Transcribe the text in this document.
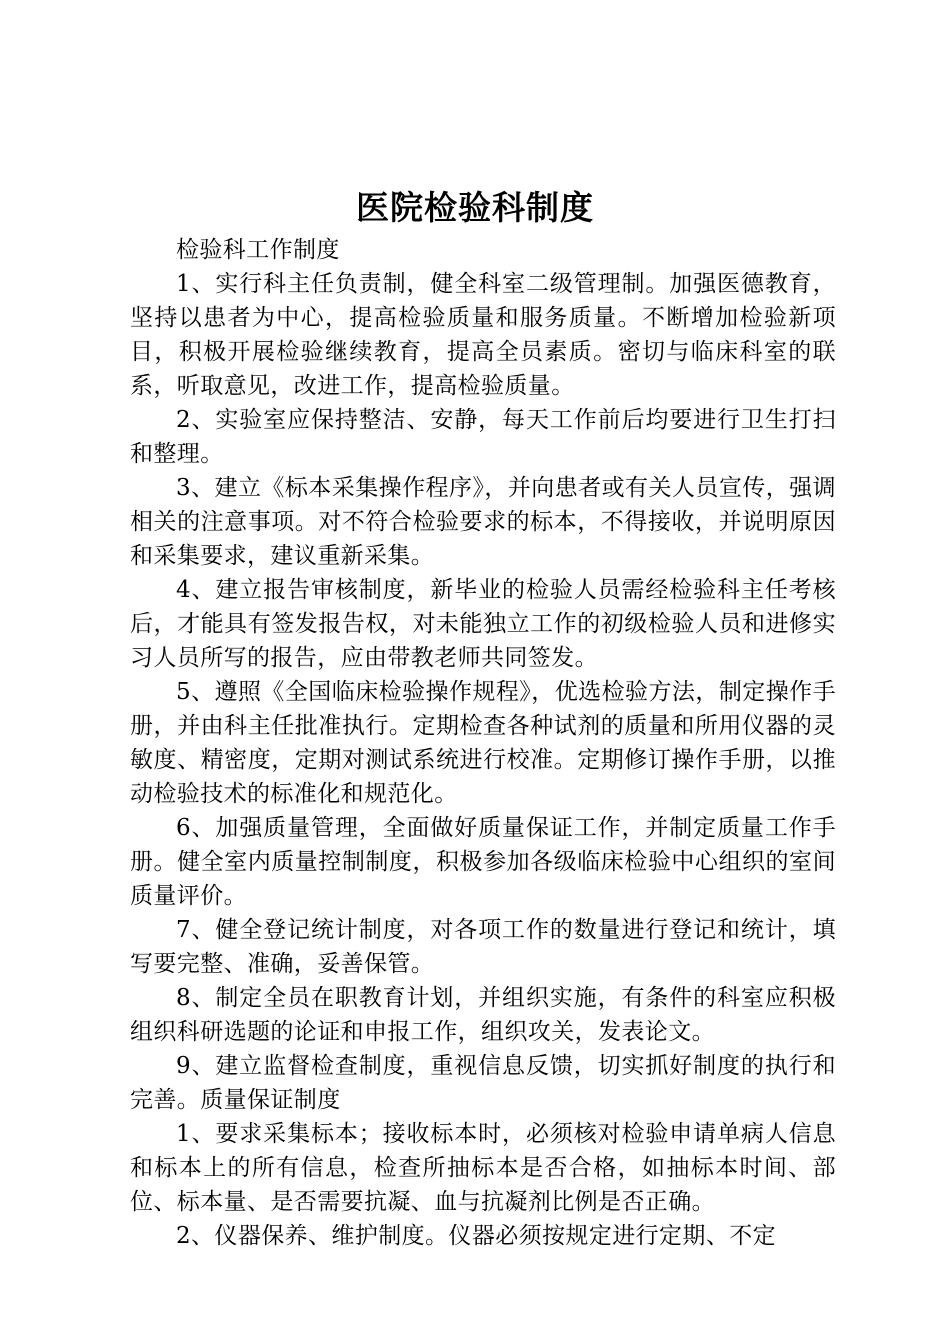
医院检验科制度

检验科工作制度

1、实行科主任负责制，健全科室二级管理制。加强医德教育，坚持以患者为中心，提高检验质量和服务质量。不断增加检验新项目，积极开展检验继续教育，提高全员素质。密切与临床科室的联系，听取意见，改进工作，提高检验质量。

2、实验室应保持整洁、安静，每天工作前后均要进行卫生打扫和整理。

3、建立《标本采集操作程序》，并向患者或有关人员宣传，强调相关的注意事项。对不符合检验要求的标本，不得接收，并说明原因和采集要求，建议重新采集。

4、建立报告审核制度，新毕业的检验人员需经检验科主任考核后，才能具有签发报告权，对未能独立工作的初级检验人员和进修实习人员所写的报告，应由带教老师共同签发。

5、遵照《全国临床检验操作规程》，优选检验方法，制定操作手册，并由科主任批准执行。定期检查各种试剂的质量和所用仪器的灵敏度、精密度，定期对测试系统进行校准。定期修订操作手册，以推动检验技术的标准化和规范化。

6、加强质量管理，全面做好质量保证工作，并制定质量工作手册。健全室内质量控制制度，积极参加各级临床检验中心组织的室间质量评价。

7、健全登记统计制度，对各项工作的数量进行登记和统计，填写要完整、准确，妥善保管。

8、制定全员在职教育计划，并组织实施，有条件的科室应积极组织科研选题的论证和申报工作，组织攻关，发表论文。

9、建立监督检查制度，重视信息反馈，切实抓好制度的执行和完善。质量保证制度

1、要求采集标本；接收标本时，必须核对检验申请单病人信息和标本上的所有信息，检查所抽标本是否合格，如抽标本时间、部位、标本量、是否需要抗凝、血与抗凝剂比例是否正确。

2、仪器保养、维护制度。仪器必须按规定进行定期、不定
